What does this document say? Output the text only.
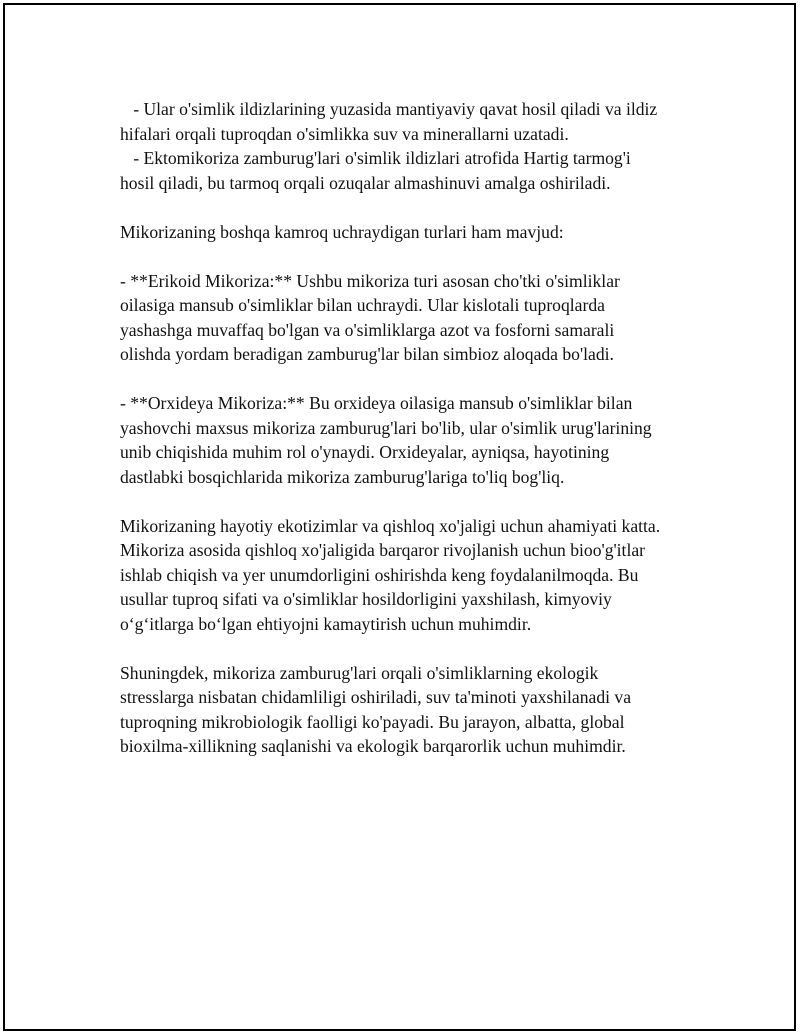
- Ular o'simlik ildizlarining yuzasida mantiyaviy qavat hosil qiladi va ildiz
hifalari orqali tuproqdan o'simlikka suv va minerallarni uzatadi.
- Ektomikoriza zamburug'lari o'simlik ildizlari atrofida Hartig tarmog'i
hosil qiladi, bu tarmoq orqali ozuqalar almashinuvi amalga oshiriladi.

Mikorizaning boshqa kamroq uchraydigan turlari ham mavjud:

- **Erikoid Mikoriza:** Ushbu mikoriza turi asosan cho'tki o'simliklar
oilasiga mansub o'simliklar bilan uchraydi. Ular kislotali tuproqlarda
yashashga muvaffaq bo'lgan va o'simliklarga azot va fosforni samarali
olishda yordam beradigan zamburug'lar bilan simbioz aloqada bo'ladi.

- **Orxideya Mikoriza:** Bu orxideya oilasiga mansub o'simliklar bilan
yashovchi maxsus mikoriza zamburug'lari bo'lib, ular o'simlik urug'larining
unib chiqishida muhim rol o'ynaydi. Orxideyalar, ayniqsa, hayotining
dastlabki bosqichlarida mikoriza zamburug'lariga to'liq bog'liq.

Mikorizaning hayotiy ekotizimlar va qishloq xo'jaligi uchun ahamiyati katta.
Mikoriza asosida qishloq xo'jaligida barqaror rivojlanish uchun bioo'g'itlar
ishlab chiqish va yer unumdorligini oshirishda keng foydalanilmoqda. Bu
usullar tuproq sifati va o'simliklar hosildorligini yaxshilash, kimyoviy
o‘g‘itlarga bo‘lgan ehtiyojni kamaytirish uchun muhimdir.

Shuningdek, mikoriza zamburug'lari orqali o'simliklarning ekologik
stresslarga nisbatan chidamliligi oshiriladi, suv ta'minoti yaxshilanadi va
tuproqning mikrobiologik faolligi ko'payadi. Bu jarayon, albatta, global
bioxilma-xillikning saqlanishi va ekologik barqarorlik uchun muhimdir.
